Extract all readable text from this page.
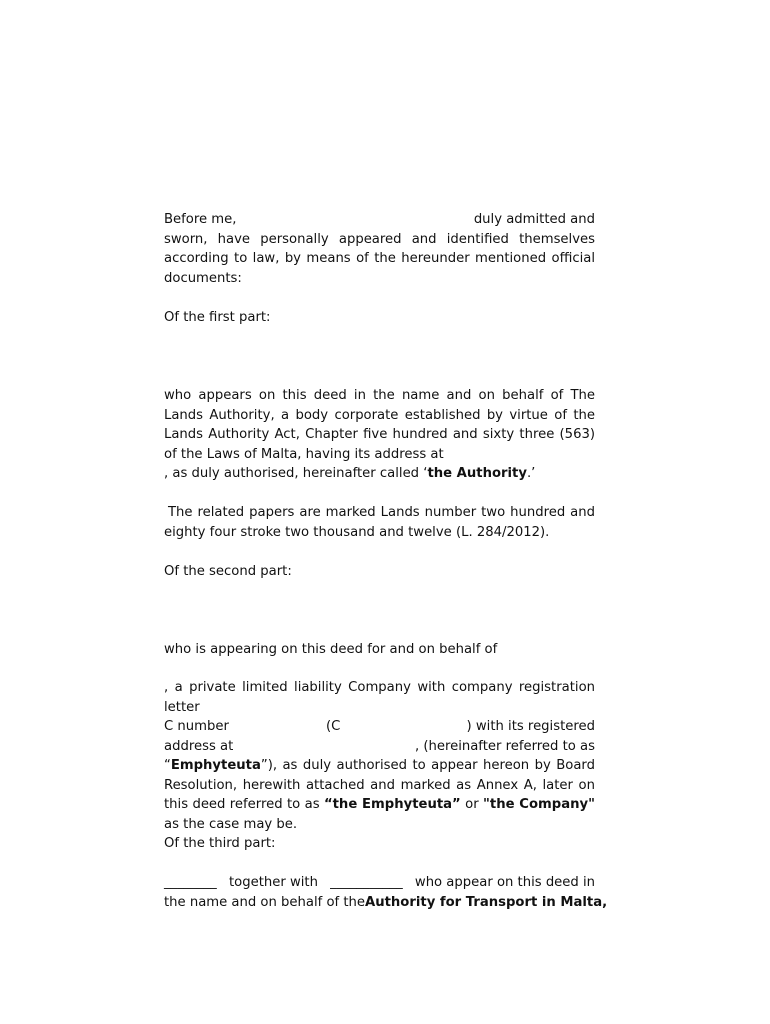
Before me,	duly admitted and
sworn, have personally appeared and identified themselves according to law, by means of the hereunder mentioned official documents:
Of the first part:
who appears on this deed in the name and on behalf of The Lands Authority, a body corporate established by virtue of the Lands Authority Act, Chapter five hundred and sixty three (563) of the Laws of Malta, having its address at
, as duly authorised, hereinafter called ‘the Authority.’
The related papers are marked Lands number two hundred and eighty four stroke two thousand and twelve (L. 284/2012).
Of the second part:
who is appearing on this deed for and on behalf of
, a private limited liability Company with company registration letter
C number	(C	) with its registered
address at	, (hereinafter referred to as
“Emphyteuta”), as duly authorised to appear hereon by Board Resolution, herewith attached and marked as Annex A, later on this deed referred to as “the Emphyteuta” or "the Company" as the case may be.
Of the third part:
________ together with ___________ who appear on this deed in
the name and on behalf of the Authority for Transport in Malta,
